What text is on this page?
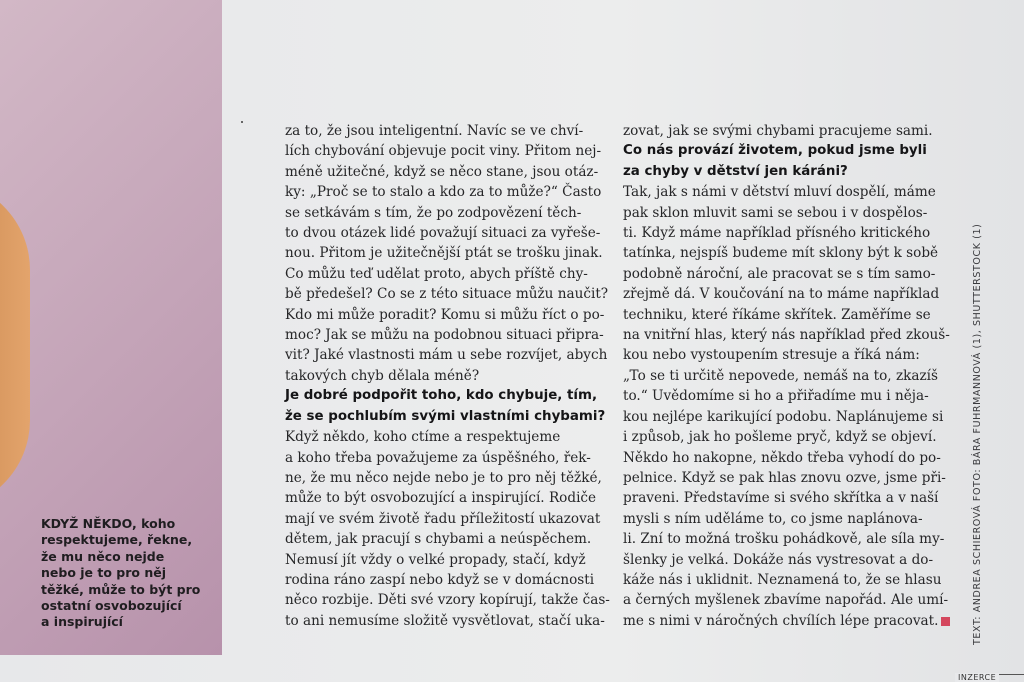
KDYŽ NĚKDO, koho
respektujeme, řekne,
že mu něco nejde
nebo je to pro něj
těžké, může to být pro
ostatní osvobozující
a inspirující
za to, že jsou inteligentní. Navíc se ve chví-
lích chybování objevuje pocit viny. Přitom nej-
méně užitečné, když se něco stane, jsou otáz-
ky: „Proč se to stalo a kdo za to může?“ Často
se setkávám s tím, že po zodpovězení těch-
to dvou otázek lidé považují situaci za vyřeše-
nou. Přitom je užitečnější ptát se trošku jinak.
Co můžu teď udělat proto, abych příště chy-
bě předešel? Co se z této situace můžu naučit?
Kdo mi může poradit? Komu si můžu říct o po-
moc? Jak se můžu na podobnou situaci připra-
vit? Jaké vlastnosti mám u sebe rozvíjet, abych
takových chyb dělala méně?
Je dobré podpořit toho, kdo chybuje, tím,
že se pochlubím svými vlastními chybami?
Když někdo, koho ctíme a respektujeme
a koho třeba považujeme za úspěšného, řek-
ne, že mu něco nejde nebo je to pro něj těžké,
může to být osvobozující a inspirující. Rodiče
mají ve svém životě řadu příležitostí ukazovat
dětem, jak pracují s chybami a neúspěchem.
Nemusí jít vždy o velké propady, stačí, když
rodina ráno zaspí nebo když se v domácnosti
něco rozbije. Děti své vzory kopírují, takže čas-
to ani nemusíme složitě vysvětlovat, stačí uka-
zovat, jak se svými chybami pracujeme sami.
Co nás provází životem, pokud jsme byli
za chyby v dětství jen káráni?
Tak, jak s námi v dětství mluví dospělí, máme
pak sklon mluvit sami se sebou i v dospělos-
ti. Když máme například přísného kritického
tatínka, nejspíš budeme mít sklony být k sobě
podobně nároční, ale pracovat se s tím samo-
zřejmě dá. V koučování na to máme například
techniku, které říkáme skřítek. Zaměříme se
na vnitřní hlas, který nás například před zkouš-
kou nebo vystoupením stresuje a říká nám:
„To se ti určitě nepovede, nemáš na to, zkazíš
to.“ Uvědomíme si ho a přiřadíme mu i něja-
kou nejlépe karikující podobu. Naplánujeme si
i způsob, jak ho pošleme pryč, když se objeví.
Někdo ho nakopne, někdo třeba vyhodí do po-
pelnice. Když se pak hlas znovu ozve, jsme při-
praveni. Představíme si svého skřítka a v naší
mysli s ním uděláme to, co jsme naplánova-
li. Zní to možná trošku pohádkově, ale síla my-
šlenky je velká. Dokáže nás vystresovat a do-
káže nás i uklidnit. Neznamená to, že se hlasu
a černých myšlenek zbavíme napořád. Ale umí-
me s nimi v náročných chvílích lépe pracovat.	TEXT: ANDREA SCHIEROVÁ FOTO: BÁRA FUHRMANNOVÁ (1), SHUTTERSTOCK (1)
INZERCE
